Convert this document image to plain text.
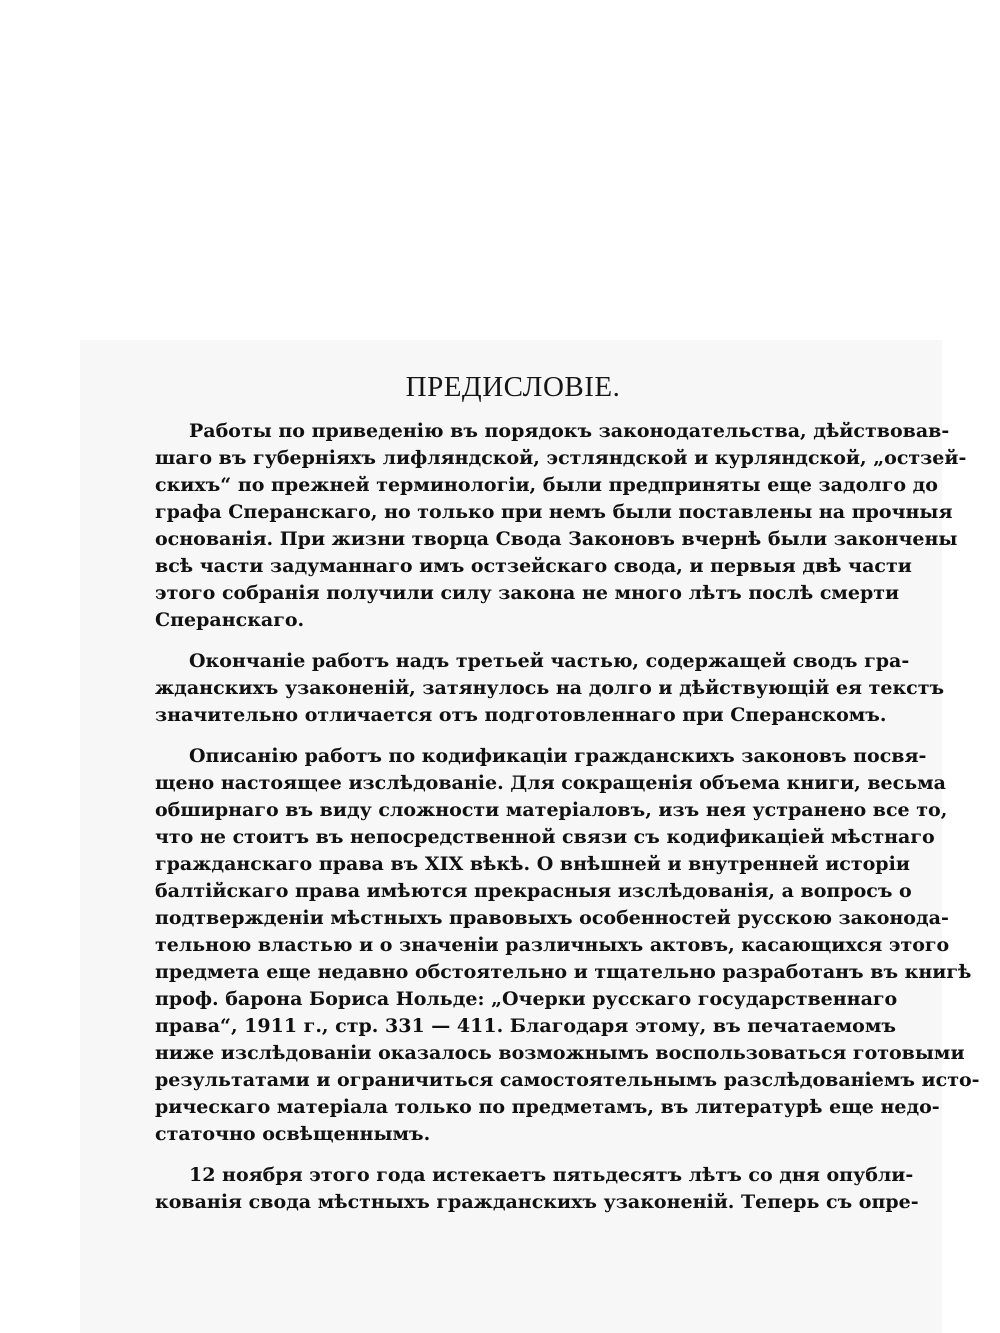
ПРЕДИСЛОВIЕ.
Работы по приведенiю въ порядокъ законодательства, дѣйствовав-
шаго въ губернiяхъ лифляндской, эстляндской и курляндской, „остзей-
скихъ“ по прежней терминологiи, были предприняты еще задолго до
графа Сперанскаго, но только при немъ были поставлены на прочныя
основанiя. При жизни творца Свода Законовъ вчернѣ были закончены
всѣ части задуманнаго имъ остзейскаго свода, и первыя двѣ части
этого собранiя получили силу закона не много лѣтъ послѣ смерти
Сперанскаго.
Окончанiе работъ надъ третьей частью, содержащей сводъ гра-
жданскихъ узаконенiй, затянулось на долго и дѣйствующiй ея текстъ
значительно отличается отъ подготовленнаго при Сперанскомъ.
Описанiю работъ по кодификацiи гражданскихъ законовъ посвя-
щено настоящее изслѣдованiе. Для сокращенiя объема книги, весьма
обширнаго въ виду сложности матерiаловъ, изъ нея устранено все то,
что не стоитъ въ непосредственной связи съ кодификацiей мѣстнаго
гражданскаго права въ XIX вѣкѣ. О внѣшней и внутренней исторiи
балтiйскаго права имѣются прекрасныя изслѣдованiя, а вопросъ о
подтвержденiи мѣстныхъ правовыхъ особенностей русскою законода-
тельною властью и о значенiи различныхъ актовъ, касающихся этого
предмета еще недавно обстоятельно и тщательно разработанъ въ книгѣ
проф. барона Бориса Нольде: „Очерки русскаго государственнаго
права“, 1911 г., стр. 331 — 411. Благодаря этому, въ печатаемомъ
ниже изслѣдованiи оказалось возможнымъ воспользоваться готовыми
результатами и ограничиться самостоятельнымъ разслѣдованiемъ исто-
рическаго матерiала только по предметамъ, въ литературѣ еще недо-
статочно освѣщеннымъ.
12 ноября этого года истекаетъ пятьдесятъ лѣтъ со дня опубли-
кованiя свода мѣстныхъ гражданскихъ узаконенiй. Теперь съ опре-
